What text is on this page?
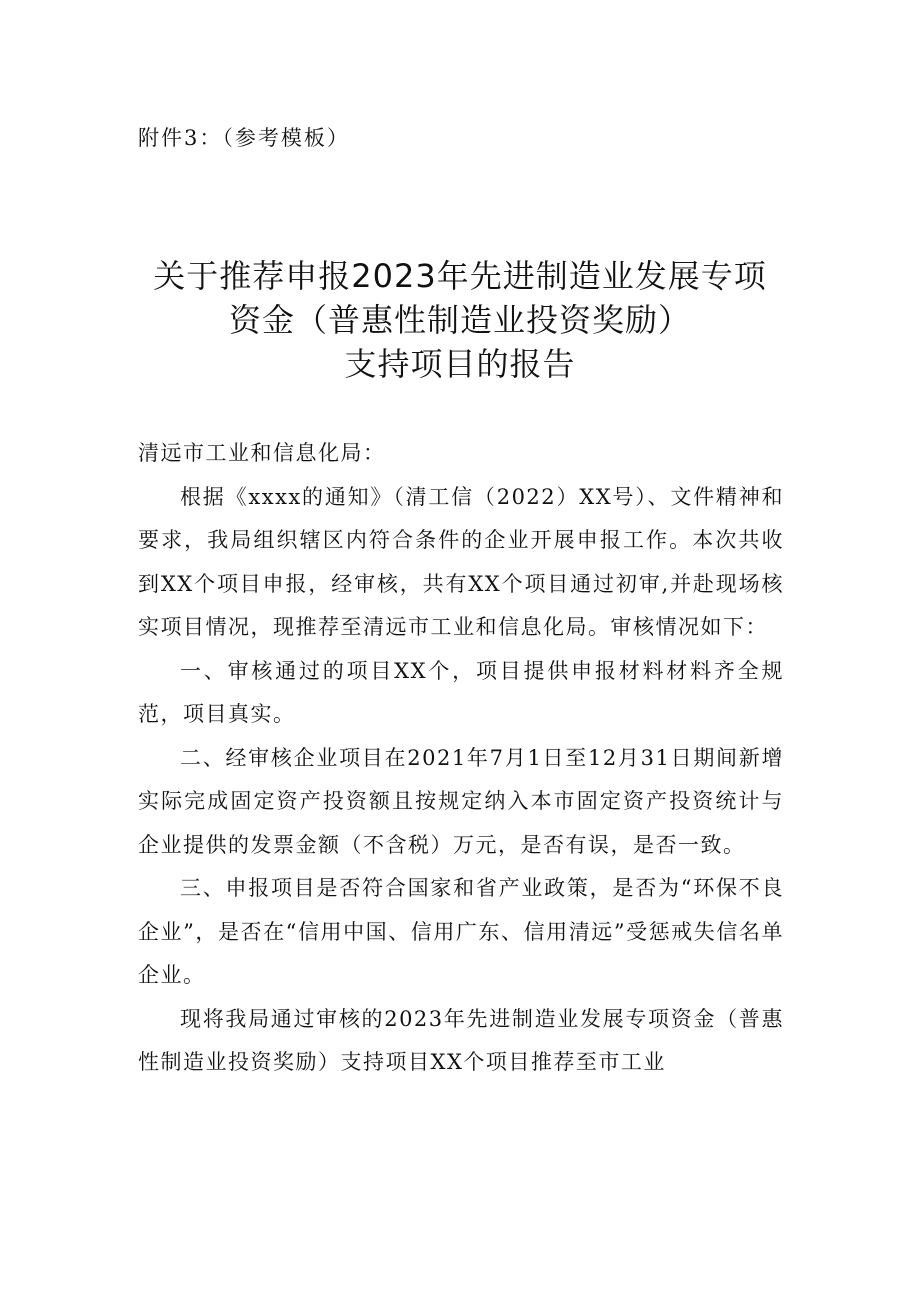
附件3：（参考模板）
关于推荐申报2023年先进制造业发展专项
资金（普惠性制造业投资奖励）
支持项目的报告

清远市工业和信息化局：

根据《xxxx的通知》（清工信（2022）XX号）、文件精神和要求，我局组织辖区内符合条件的企业开展申报工作。本次共收到XX个项目申报，经审核，共有XX个项目通过初审,并赴现场核实项目情况，现推荐至清远市工业和信息化局。审核情况如下：

一、审核通过的项目XX个，项目提供申报材料材料齐全规范，项目真实。

二、经审核企业项目在2021年7月1日至12月31日期间新增实际完成固定资产投资额且按规定纳入本市固定资产投资统计与企业提供的发票金额（不含税）万元，是否有误，是否一致。

三、申报项目是否符合国家和省产业政策，是否为“环保不良企业”，是否在“信用中国、信用广东、信用清远”受惩戒失信名单企业。

现将我局通过审核的2023年先进制造业发展专项资金（普惠性制造业投资奖励）支持项目XX个项目推荐至市工业
